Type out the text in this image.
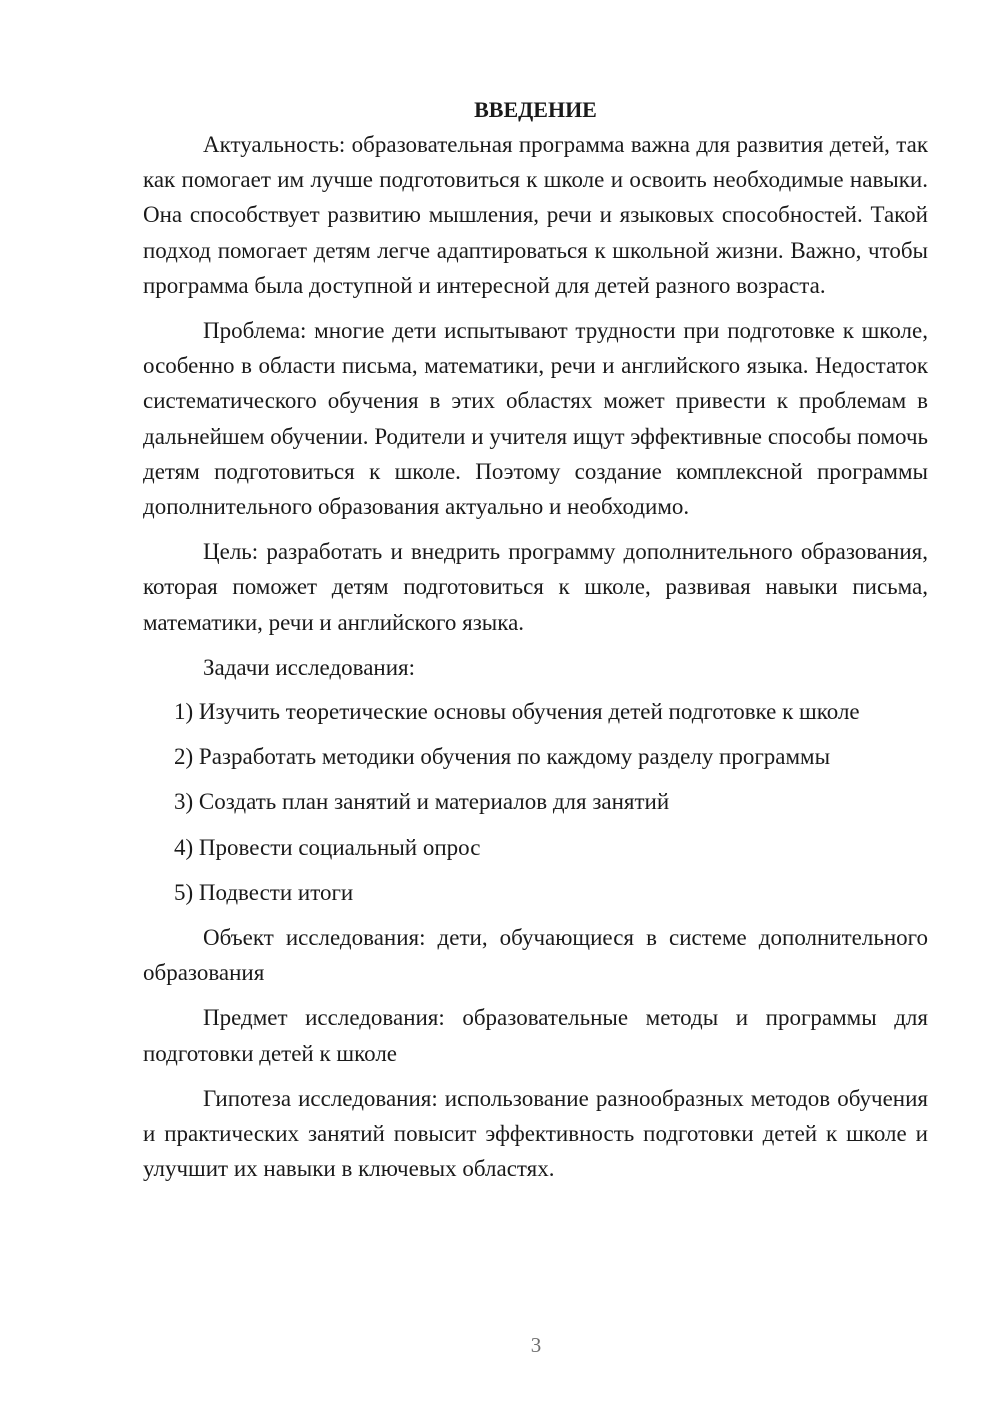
ВВЕДЕНИЕ

Актуальность: образовательная программа важна для развития детей, так как помогает им лучше подготовиться к школе и освоить необходимые навыки. Она способствует развитию мышления, речи и языковых способностей. Такой подход помогает детям легче адаптироваться к школьной жизни. Важно, чтобы программа была доступной и интересной для детей разного возраста.

Проблема: многие дети испытывают трудности при подготовке к школе, особенно в области письма, математики, речи и английского языка. Недостаток систематического обучения в этих областях может привести к проблемам в дальнейшем обучении. Родители и учителя ищут эффективные способы помочь детям подготовиться к школе. Поэтому создание комплексной программы дополнительного образования актуально и необходимо.

Цель: разработать и внедрить программу дополнительного образования, которая поможет детям подготовиться к школе, развивая навыки письма, математики, речи и английского языка.

Задачи исследования:

1) Изучить теоретические основы обучения детей подготовке к школе
2) Разработать методики обучения по каждому разделу программы
3) Создать план занятий и материалов для занятий
4) Провести социальный опрос
5) Подвести итоги

Объект исследования: дети, обучающиеся в системе дополнительного образования

Предмет исследования: образовательные методы и программы для подготовки детей к школе

Гипотеза исследования: использование разнообразных методов обучения и практических занятий повысит эффективность подготовки детей к школе и улучшит их навыки в ключевых областях.

3
